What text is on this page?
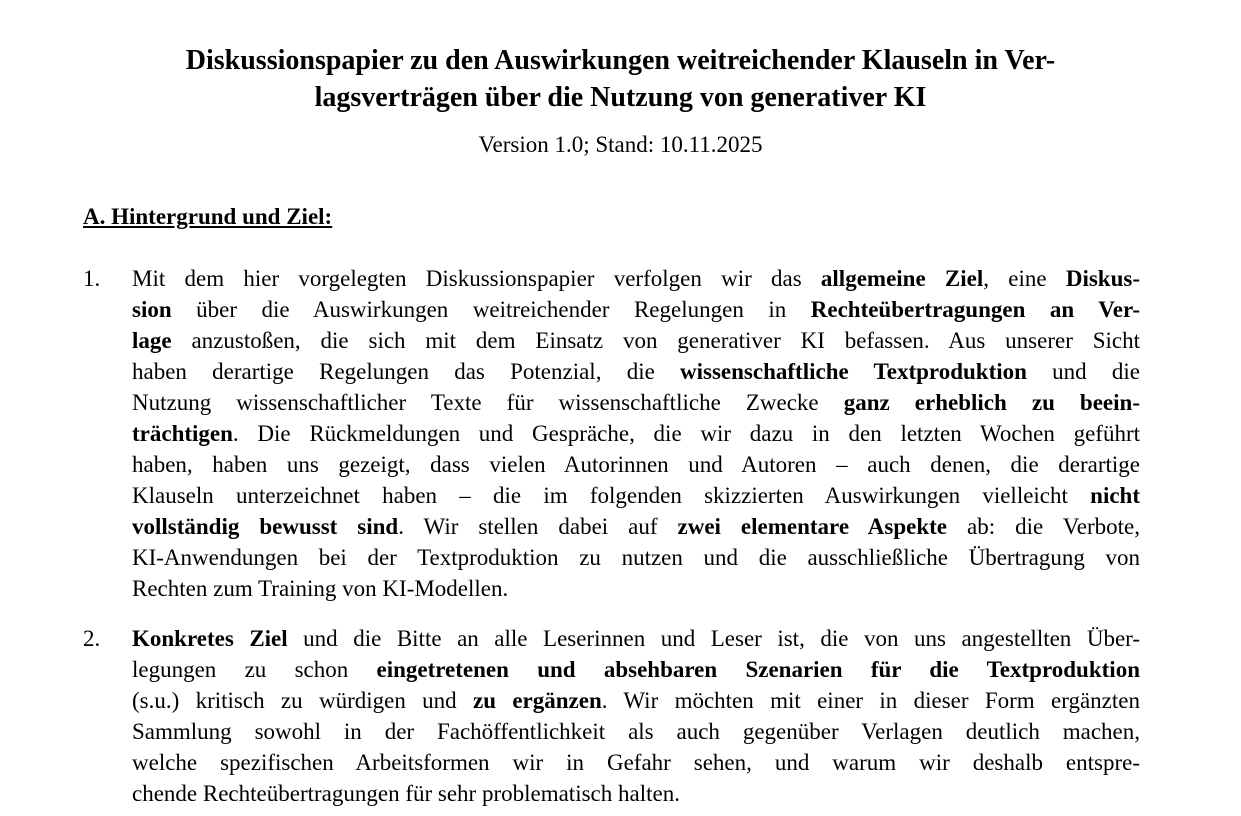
Diskussionspapier zu den Auswirkungen weitreichender Klauseln in Ver-
lagsverträgen über die Nutzung von generativer KI
Version 1.0; Stand: 10.11.2025
A. Hintergrund und Ziel:
1. Mit dem hier vorgelegten Diskussionspapier verfolgen wir das allgemeine Ziel, eine Diskus-
sion über die Auswirkungen weitreichender Regelungen in Rechteübertragungen an Ver-
lage anzustoßen, die sich mit dem Einsatz von generativer KI befassen. Aus unserer Sicht
haben derartige Regelungen das Potenzial, die wissenschaftliche Textproduktion und die
Nutzung wissenschaftlicher Texte für wissenschaftliche Zwecke ganz erheblich zu beein-
trächtigen. Die Rückmeldungen und Gespräche, die wir dazu in den letzten Wochen geführt
haben, haben uns gezeigt, dass vielen Autorinnen und Autoren – auch denen, die derartige
Klauseln unterzeichnet haben – die im folgenden skizzierten Auswirkungen vielleicht nicht
vollständig bewusst sind. Wir stellen dabei auf zwei elementare Aspekte ab: die Verbote,
KI-Anwendungen bei der Textproduktion zu nutzen und die ausschließliche Übertragung von
Rechten zum Training von KI-Modellen.
2. Konkretes Ziel und die Bitte an alle Leserinnen und Leser ist, die von uns angestellten Über-
legungen zu schon eingetretenen und absehbaren Szenarien für die Textproduktion
(s.u.) kritisch zu würdigen und zu ergänzen. Wir möchten mit einer in dieser Form ergänzten
Sammlung sowohl in der Fachöffentlichkeit als auch gegenüber Verlagen deutlich machen,
welche spezifischen Arbeitsformen wir in Gefahr sehen, und warum wir deshalb entspre-
chende Rechteübertragungen für sehr problematisch halten.
